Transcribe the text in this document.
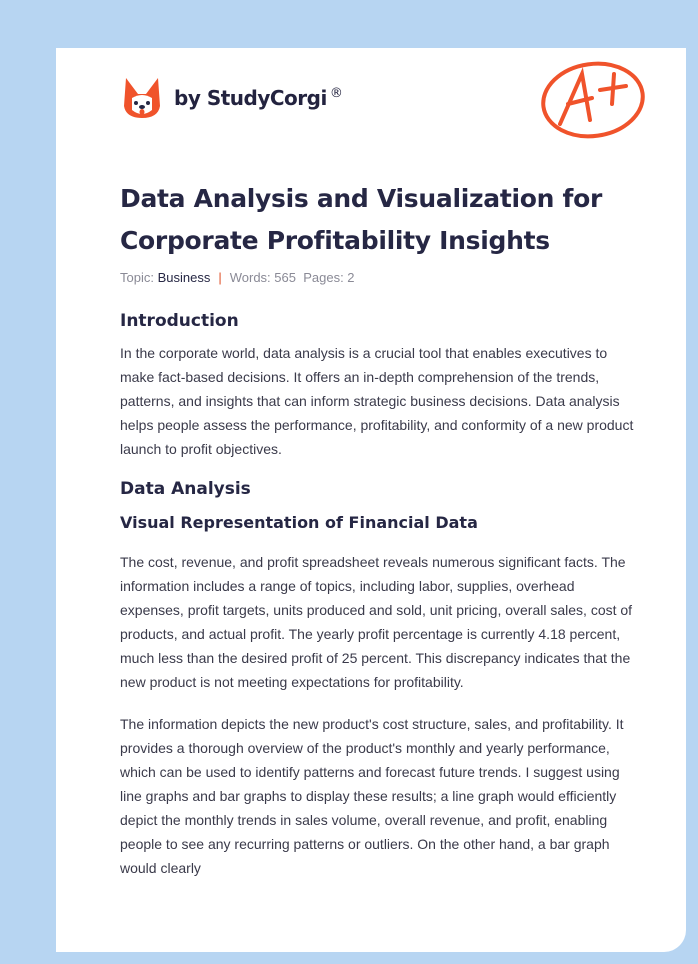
by StudyCorgi ®
Data Analysis and Visualization for Corporate Profitability Insights
Topic: Business | Words: 565 Pages: 2
Introduction

In the corporate world, data analysis is a crucial tool that enables executives to make fact-based decisions. It offers an in-depth comprehension of the trends, patterns, and insights that can inform strategic business decisions. Data analysis helps people assess the performance, profitability, and conformity of a new product launch to profit objectives.

Data Analysis
Visual Representation of Financial Data

The cost, revenue, and profit spreadsheet reveals numerous significant facts. The information includes a range of topics, including labor, supplies, overhead expenses, profit targets, units produced and sold, unit pricing, overall sales, cost of products, and actual profit. The yearly profit percentage is currently 4.18 percent, much less than the desired profit of 25 percent. This discrepancy indicates that the new product is not meeting expectations for profitability.

The information depicts the new product's cost structure, sales, and profitability. It provides a thorough overview of the product's monthly and yearly performance, which can be used to identify patterns and forecast future trends. I suggest using line graphs and bar graphs to display these results; a line graph would efficiently depict the monthly trends in sales volume, overall revenue, and profit, enabling people to see any recurring patterns or outliers. On the other hand, a bar graph would clearly
